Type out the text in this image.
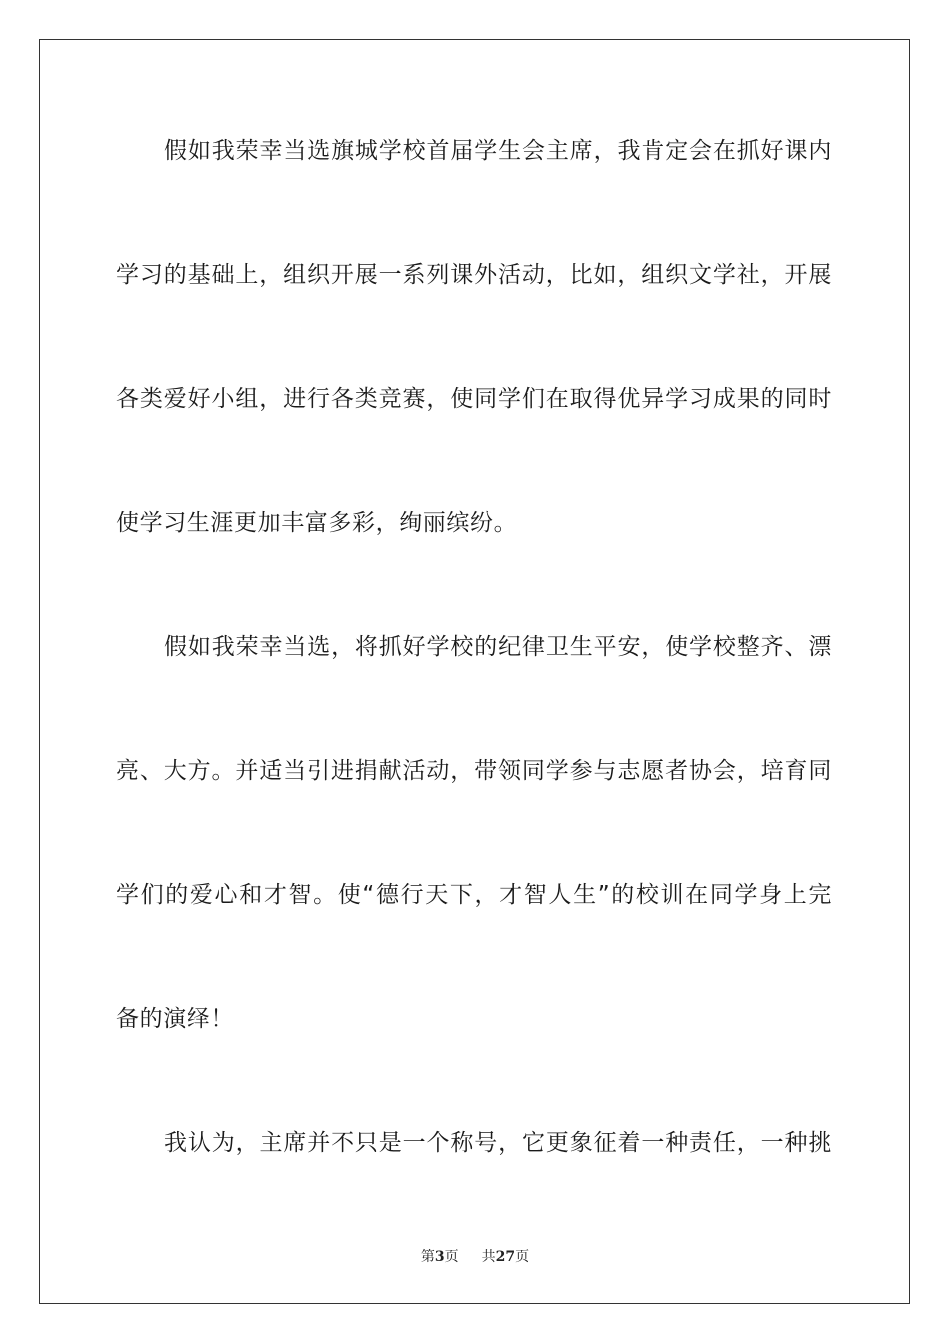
假如我荣幸当选旗城学校首届学生会主席，我肯定会在抓好课内
学习的基础上，组织开展一系列课外活动，比如，组织文学社，开展
各类爱好小组，进行各类竞赛，使同学们在取得优异学习成果的同时
使学习生涯更加丰富多彩，绚丽缤纷。
假如我荣幸当选，将抓好学校的纪律卫生平安，使学校整齐、漂
亮、大方。并适当引进捐献活动，带领同学参与志愿者协会，培育同
学们的爱心和才智。使“德行天下，才智人生”的校训在同学身上完
备的演绎！
我认为，主席并不只是一个称号，它更象征着一种责任，一种挑
第3页 共27页
